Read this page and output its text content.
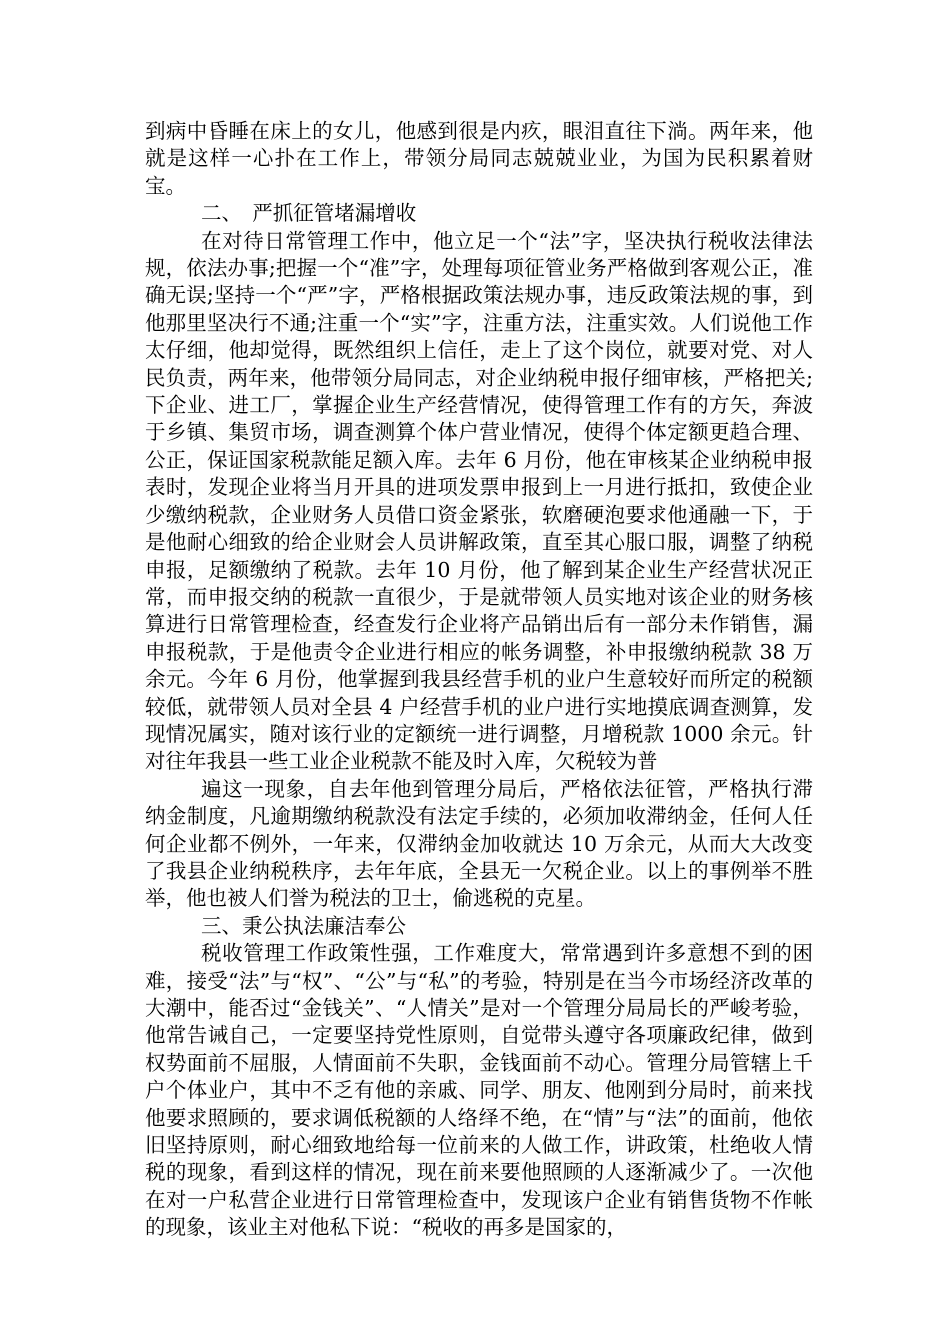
到病中昏睡在床上的女儿，他感到很是内疚，眼泪直往下淌。两年来，他就是这样一心扑在工作上，带领分局同志兢兢业业，为国为民积累着财宝。

二、　严抓征管堵漏增收

在对待日常管理工作中，他立足一个“法”字，坚决执行税收法律法规，依法办事;把握一个“准”字，处理每项征管业务严格做到客观公正，准确无误;坚持一个“严”字，严格根据政策法规办事，违反政策法规的事，到他那里坚决行不通;注重一个“实”字，注重方法，注重实效。人们说他工作太仔细，他却觉得，既然组织上信任，走上了这个岗位，就要对党、对人民负责，两年来，他带领分局同志，对企业纳税申报仔细审核，严格把关;下企业、进工厂，掌握企业生产经营情况，使得管理工作有的方矢，奔波于乡镇、集贸市场，调查测算个体户营业情况，使得个体定额更趋合理、公正，保证国家税款能足额入库。去年 6 月份，他在审核某企业纳税申报表时，发现企业将当月开具的进项发票申报到上一月进行抵扣，致使企业少缴纳税款，企业财务人员借口资金紧张，软磨硬泡要求他通融一下，于是他耐心细致的给企业财会人员讲解政策，直至其心服口服，调整了纳税申报，足额缴纳了税款。去年 10 月份，他了解到某企业生产经营状况正常，而申报交纳的税款一直很少，于是就带领人员实地对该企业的财务核算进行日常管理检查，经查发行企业将产品销出后有一部分未作销售，漏申报税款，于是他责令企业进行相应的帐务调整，补申报缴纳税款 38 万余元。今年 6 月份，他掌握到我县经营手机的业户生意较好而所定的税额较低，就带领人员对全县 4 户经营手机的业户进行实地摸底调查测算，发现情况属实，随对该行业的定额统一进行调整，月增税款 1000 余元。针对往年我县一些工业企业税款不能及时入库，欠税较为普

遍这一现象，自去年他到管理分局后，严格依法征管，严格执行滞纳金制度，凡逾期缴纳税款没有法定手续的，必须加收滞纳金，任何人任何企业都不例外，一年来，仅滞纳金加收就达 10 万余元，从而大大改变了我县企业纳税秩序，去年年底，全县无一欠税企业。以上的事例举不胜举，他也被人们誉为税法的卫士，偷逃税的克星。

三、秉公执法廉洁奉公

税收管理工作政策性强，工作难度大，常常遇到许多意想不到的困难，接受“法”与“权”、“公”与“私”的考验，特别是在当今市场经济改革的大潮中，能否过“金钱关”、“人情关”是对一个管理分局局长的严峻考验，他常告诫自己，一定要坚持党性原则，自觉带头遵守各项廉政纪律，做到权势面前不屈服，人情面前不失职，金钱面前不动心。管理分局管辖上千户个体业户，其中不乏有他的亲戚、同学、朋友、他刚到分局时，前来找他要求照顾的，要求调低税额的人络绎不绝，在“情”与“法”的面前，他依旧坚持原则，耐心细致地给每一位前来的人做工作，讲政策，杜绝收人情税的现象，看到这样的情况，现在前来要他照顾的人逐渐减少了。一次他在对一户私营企业进行日常管理检查中，发现该户企业有销售货物不作帐的现象，该业主对他私下说：“税收的再多是国家的，
